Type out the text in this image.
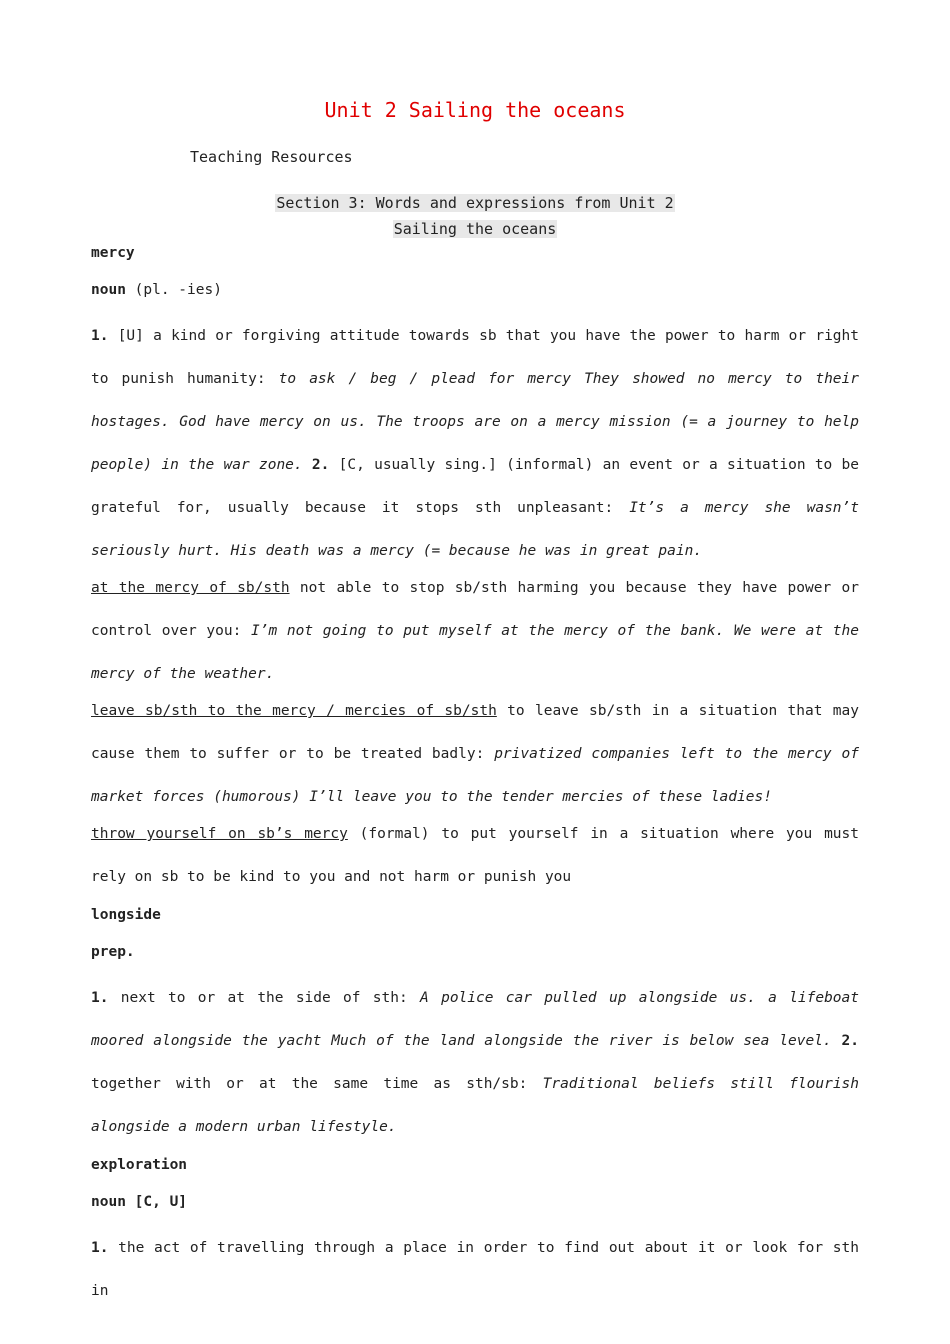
Unit 2 Sailing the oceans
Teaching Resources
Section 3: Words and expressions from Unit 2
Sailing the oceans
mercy
noun (pl. -ies)
1. [U] a kind or forgiving attitude towards sb that you have the power to harm or right to punish humanity: to ask / beg / plead for mercy They showed no mercy to their hostages. God have mercy on us. The troops are on a mercy mission (= a journey to help people) in the war zone. 2. [C, usually sing.] (informal) an event or a situation to be grateful for, usually because it stops sth unpleasant: It’s a mercy she wasn’t seriously hurt. His death was a mercy (= because he was in great pain.
at the mercy of sb/sth not able to stop sb/sth harming you because they have power or control over you: I’m not going to put myself at the mercy of the bank. We were at the mercy of the weather.
leave sb/sth to the mercy / mercies of sb/sth to leave sb/sth in a situation that may cause them to suffer or to be treated badly: privatized companies left to the mercy of market forces (humorous) I’ll leave you to the tender mercies of these ladies!
throw yourself on sb’s mercy (formal) to put yourself in a situation where you must rely on sb to be kind to you and not harm or punish you
longside
prep.
1. next to or at the side of sth: A police car pulled up alongside us. a lifeboat moored alongside the yacht Much of the land alongside the river is below sea level. 2. together with or at the same time as sth/sb: Traditional beliefs still flourish alongside a modern urban lifestyle.
exploration
noun [C, U]
1. the act of travelling through a place in order to find out about it or look for sth in
